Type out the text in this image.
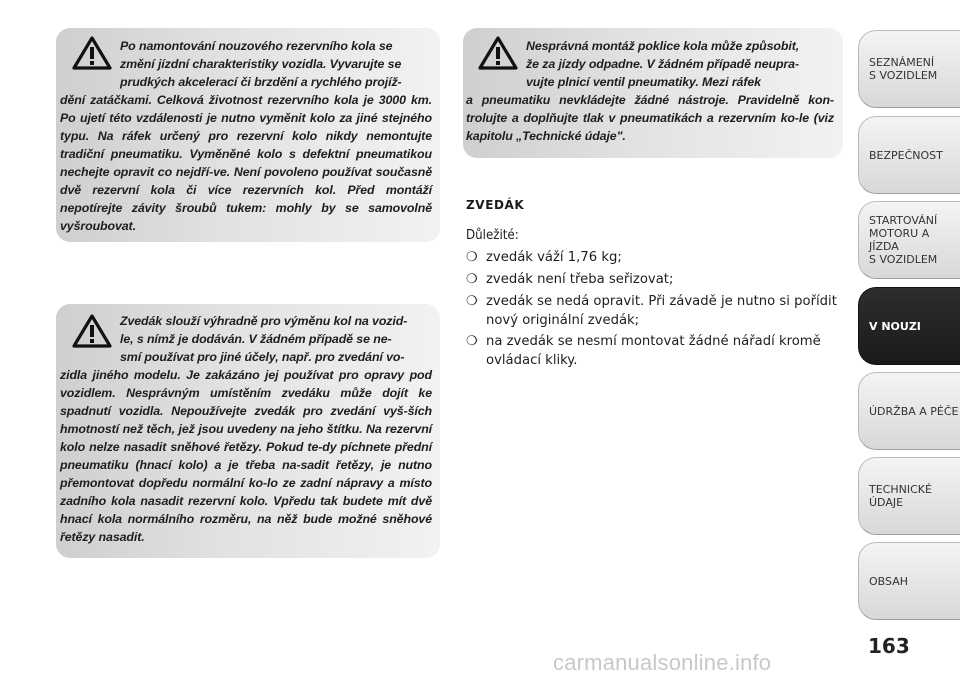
Po namontování nouzového rezervního kola se
změní jízdní charakteristiky vozidla. Vyvarujte se
prudkých akcelerací či brzdění a rychlého projíž-
dění zatáčkami. Celková životnost rezervního kola je 3000 km. Po ujetí této vzdálenosti je nutno vyměnit kolo za jiné stejného typu. Na ráfek určený pro rezervní kolo nikdy nemontujte tradiční pneumatiku. Vyměněné kolo s defektní pneumatikou nechejte opravit co nejdří-ve. Není povoleno používat současně dvě rezervní kola či více rezervních kol. Před montáží nepotírejte závity šroubů tukem: mohly by se samovolně vyšroubovat.
Zvedák slouží výhradně pro výměnu kol na vozid-
le, s nímž je dodáván. V žádném případě se ne-
smí používat pro jiné účely, např. pro zvedání vo-
zidla jiného modelu. Je zakázáno jej používat pro opravy pod vozidlem. Nesprávným umístěním zvedáku může dojít ke spadnutí vozidla. Nepoužívejte zvedák pro zvedání vyš-ších hmotností než těch, jež jsou uvedeny na jeho štítku. Na rezervní kolo nelze nasadit sněhové řetězy. Pokud te-dy píchnete přední pneumatiku (hnací kolo) a je třeba na-sadit řetězy, je nutno přemontovat dopředu normální ko-lo ze zadní nápravy a místo zadního kola nasadit rezervní kolo. Vpředu tak budete mít dvě hnací kola normálního rozměru, na něž bude možné sněhové řetězy nasadit.
Nesprávná montáž poklice kola může způsobit,
že za jízdy odpadne. V žádném případě neupra-
vujte plnicí ventil pneumatiky. Mezi ráfek
a pneumatiku nevkládejte žádné nástroje. Pravidelně kon-trolujte a doplňujte tlak v pneumatikách a rezervním ko-le (viz kapitolu „Technické údaje".
ZVEDÁK
Důležité:
❍ zvedák váží 1,76 kg;
❍ zvedák není třeba seřizovat;
❍ zvedák se nedá opravit. Při závadě je nutno si pořídit nový originální zvedák;
❍ na zvedák se nesmí montovat žádné nářadí kromě ovládací kliky.
SEZNÁMENÍ
S VOZIDLEM
BEZPEČNOST
STARTOVÁNÍ
MOTORU A JÍZDA
S VOZIDLEM
V NOUZI
ÚDRŽBA A PÉČE
TECHNICKÉ
ÚDAJE
OBSAH
163
carmanualsonline.info
